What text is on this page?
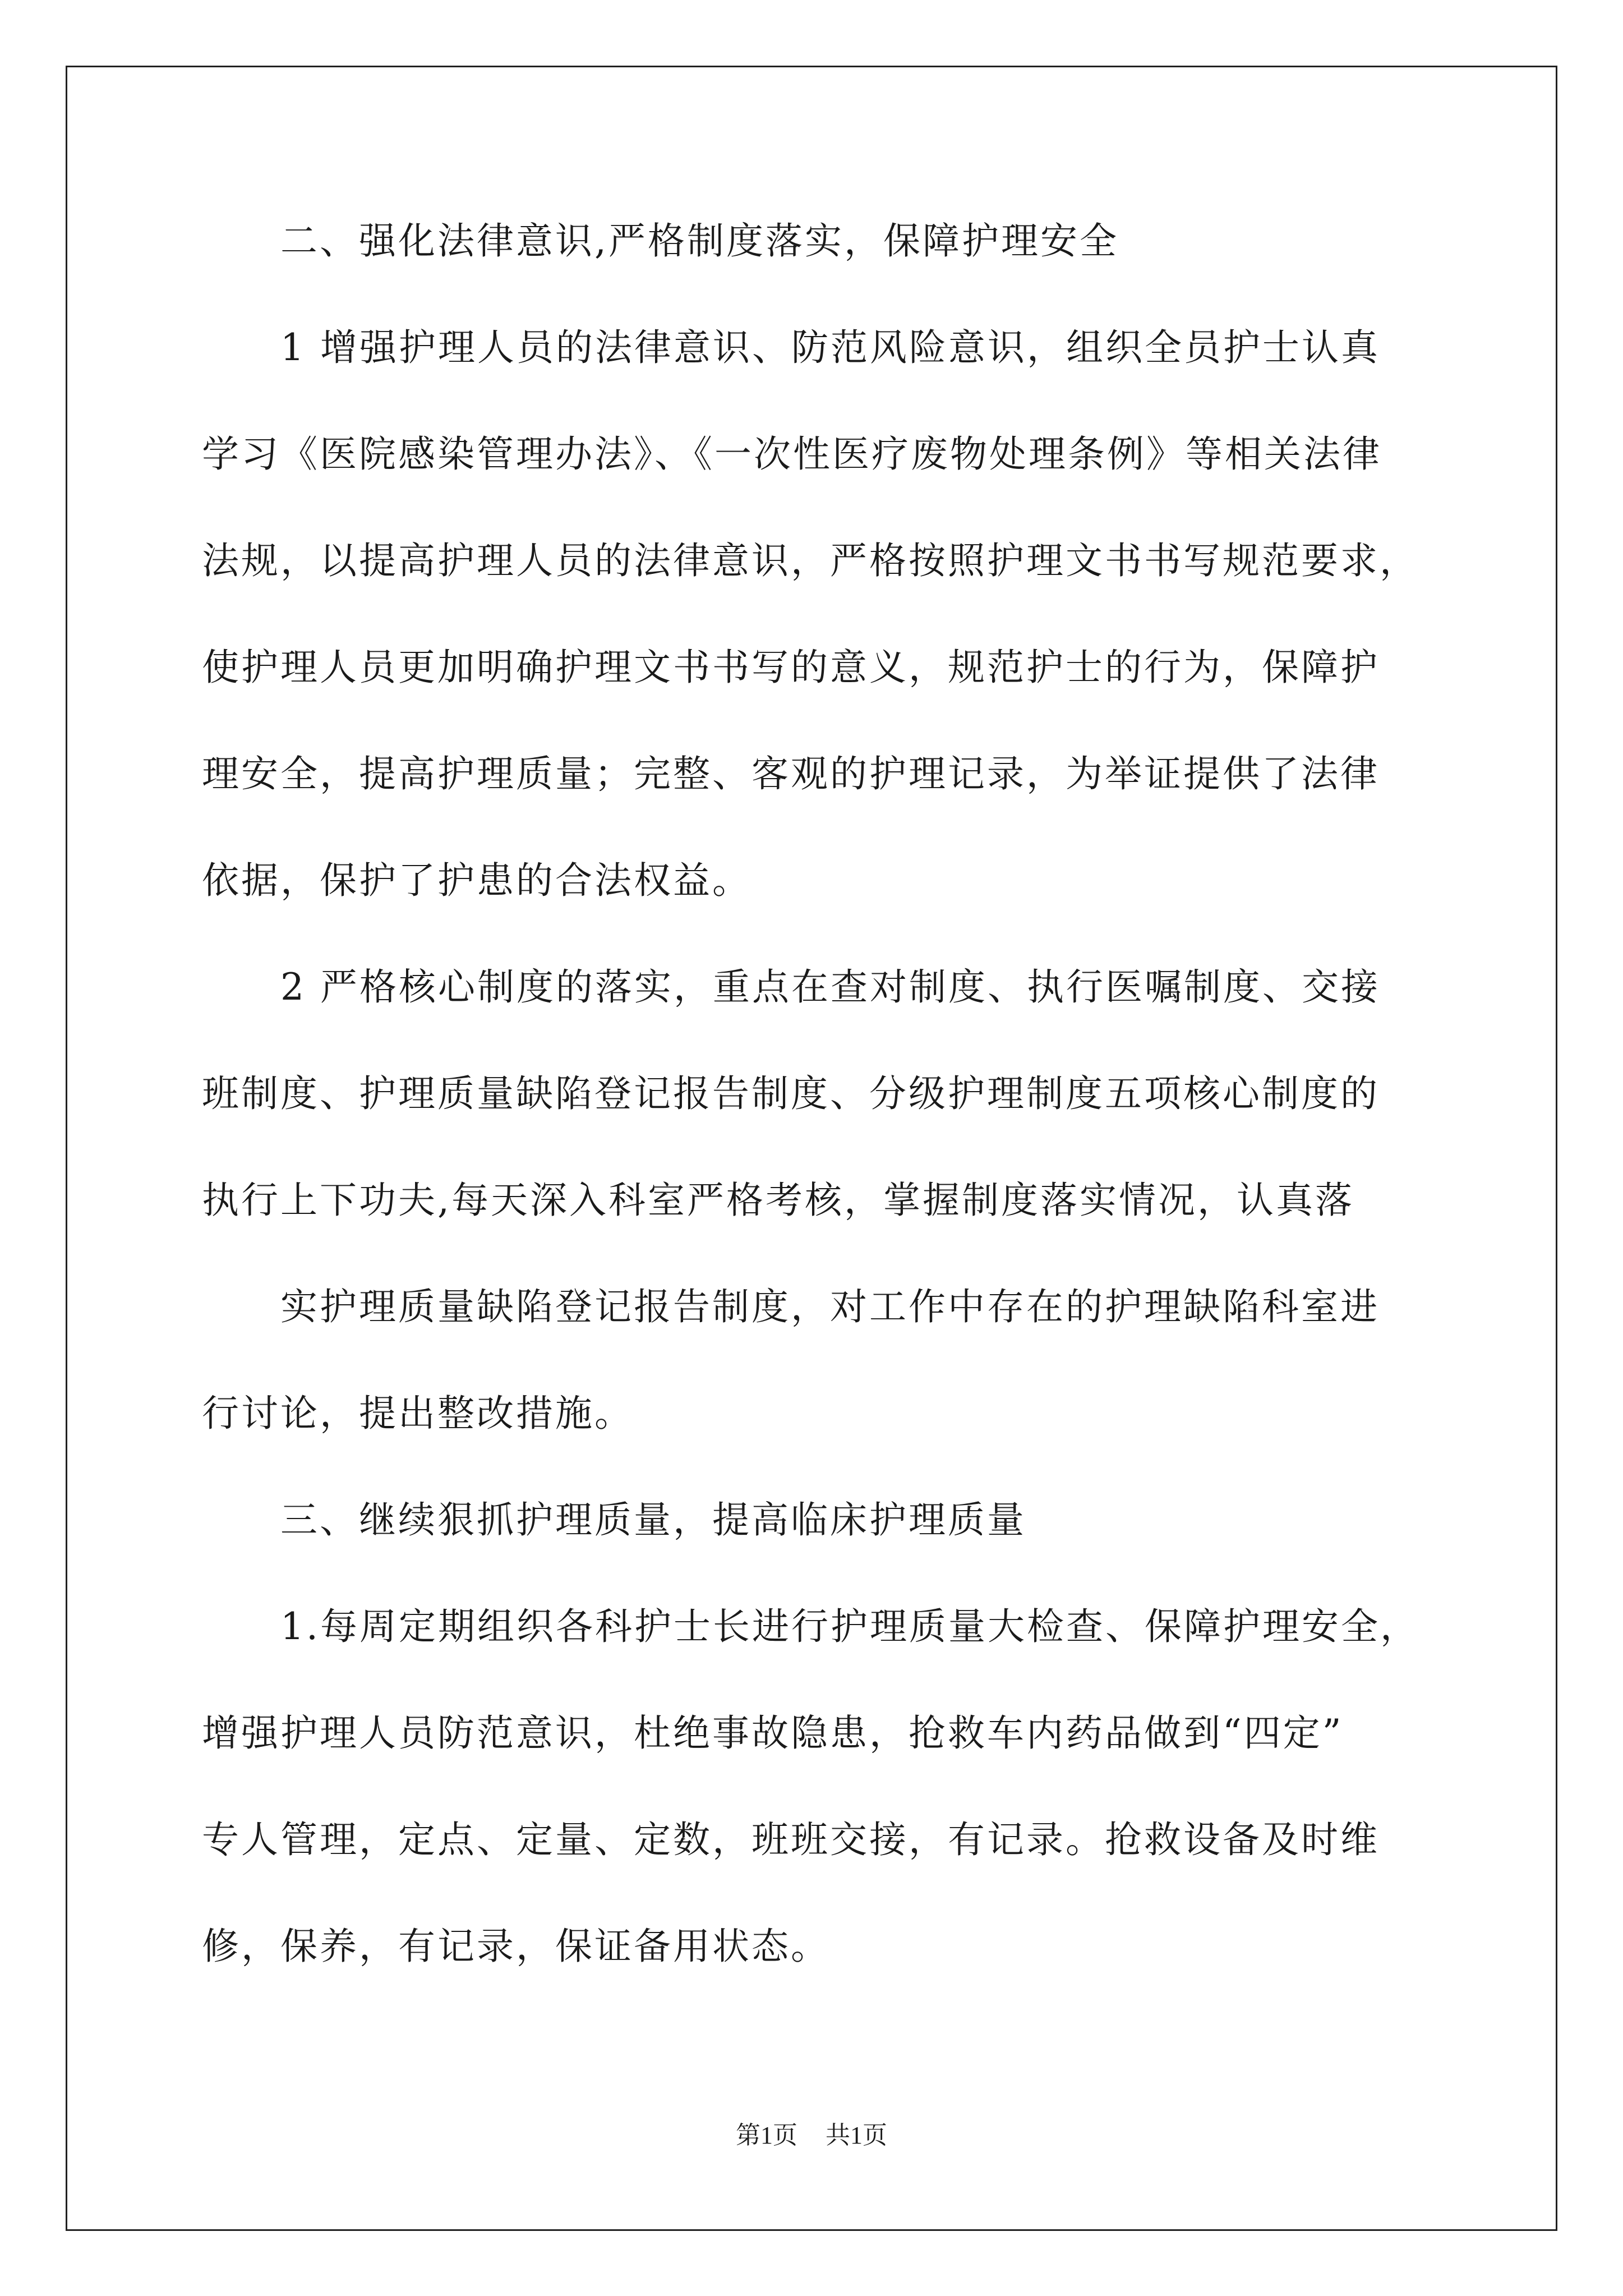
二、强化法律意识,严格制度落实，保障护理安全
1 增强护理人员的法律意识、防范风险意识，组织全员护士认真
学习《医院感染管理办法》、《一次性医疗废物处理条例》等相关法律
法规，以提高护理人员的法律意识，严格按照护理文书书写规范要求，
使护理人员更加明确护理文书书写的意义，规范护士的行为，保障护
理安全，提高护理质量；完整、客观的护理记录，为举证提供了法律
依据，保护了护患的合法权益。
2 严格核心制度的落实，重点在查对制度、执行医嘱制度、交接
班制度、护理质量缺陷登记报告制度、分级护理制度五项核心制度的
执行上下功夫,每天深入科室严格考核，掌握制度落实情况，认真落
实护理质量缺陷登记报告制度，对工作中存在的护理缺陷科室进
行讨论，提出整改措施。
三、继续狠抓护理质量，提高临床护理质量
1.每周定期组织各科护士长进行护理质量大检查、保障护理安全，
增强护理人员防范意识，杜绝事故隐患，抢救车内药品做到“四定”
专人管理，定点、定量、定数，班班交接，有记录。抢救设备及时维
修，保养，有记录，保证备用状态。
第1页 共1页
